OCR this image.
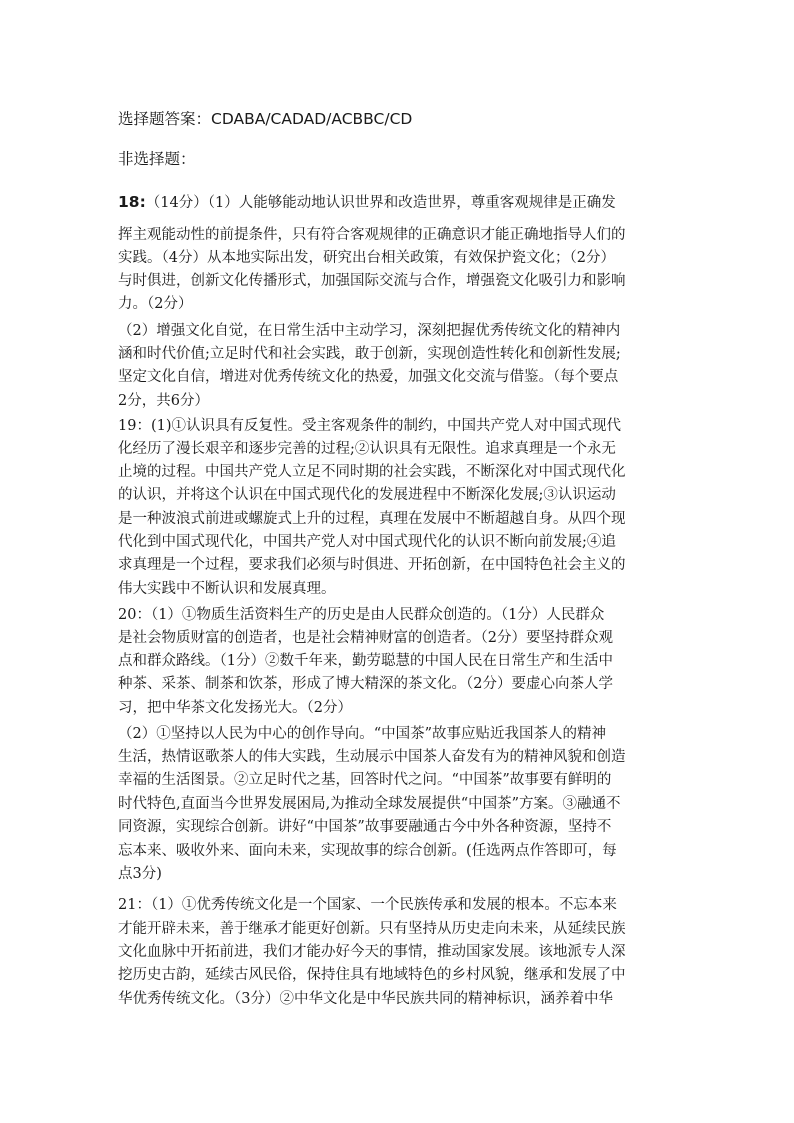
选择题答案：CDABA/CADAD/ACBBC/CD
非选择题：
18:（14分）（1）人能够能动地认识世界和改造世界，尊重客观规律是正确发
挥主观能动性的前提条件，只有符合客观规律的正确意识才能正确地指导人们的
实践。（4分）从本地实际出发，研究出台相关政策，有效保护瓷文化；（2分）
与时俱进，创新文化传播形式，加强国际交流与合作，增强瓷文化吸引力和影响
力。（2分）
（2）增强文化自觉，在日常生活中主动学习，深刻把握优秀传统文化的精神内
涵和时代价值;立足时代和社会实践，敢于创新，实现创造性转化和创新性发展;
坚定文化自信，增进对优秀传统文化的热爱，加强文化交流与借鉴。（每个要点
2分，共6分）
19：(1)①认识具有反复性。受主客观条件的制约，中国共产党人对中国式现代
化经历了漫长艰辛和逐步完善的过程;②认识具有无限性。追求真理是一个永无
止境的过程。中国共产党人立足不同时期的社会实践，不断深化对中国式现代化
的认识，并将这个认识在中国式现代化的发展进程中不断深化发展;③认识运动
是一种波浪式前进或螺旋式上升的过程，真理在发展中不断超越自身。从四个现
代化到中国式现代化，中国共产党人对中国式现代化的认识不断向前发展;④追
求真理是一个过程，要求我们必须与时俱进、开拓创新，在中国特色社会主义的
伟大实践中不断认识和发展真理。
20：（1）①物质生活资料生产的历史是由人民群众创造的。（1分）人民群众
是社会物质财富的创造者，也是社会精神财富的创造者。（2分）要坚持群众观
点和群众路线。（1分）②数千年来，勤劳聪慧的中国人民在日常生产和生活中
种茶、采茶、制茶和饮茶，形成了博大精深的茶文化。（2分）要虚心向茶人学
习，把中华茶文化发扬光大。（2分）
（2）①坚持以人民为中心的创作导向。“中国茶”故事应贴近我国茶人的精神
生活，热情讴歌茶人的伟大实践，生动展示中国茶人奋发有为的精神风貌和创造
幸福的生活图景。②立足时代之基，回答时代之问。“中国茶”故事要有鲜明的
时代特色,直面当今世界发展困局,为推动全球发展提供“中国茶”方案。③融通不
同资源，实现综合创新。讲好“中国茶”故事要融通古今中外各种资源，坚持不
忘本来、吸收外来、面向未来，实现故事的综合创新。(任选两点作答即可，每
点3分)
21：（1）①优秀传统文化是一个国家、一个民族传承和发展的根本。不忘本来
才能开辟未来，善于继承才能更好创新。只有坚持从历史走向未来，从延续民族
文化血脉中开拓前进，我们才能办好今天的事情，推动国家发展。该地派专人深
挖历史古韵，延续古风民俗，保持住具有地域特色的乡村风貌，继承和发展了中
华优秀传统文化。（3分）②中华文化是中华民族共同的精神标识，涵养着中华
